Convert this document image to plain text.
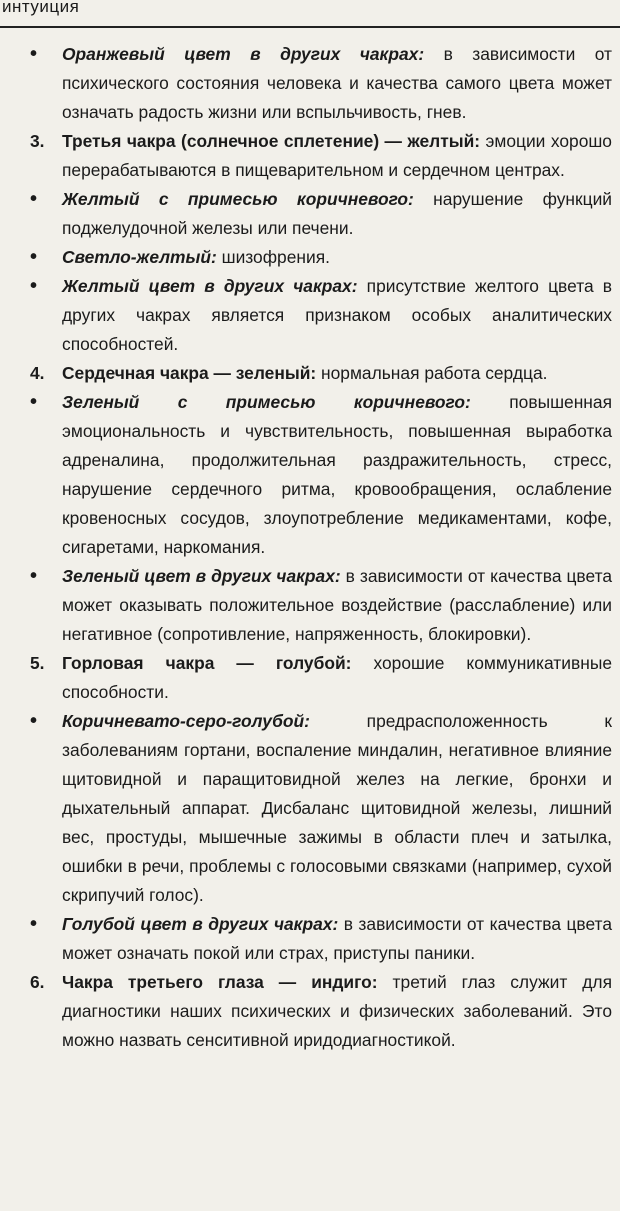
интуиция

• Оранжевый цвет в других чакрах: в зависимости от психического состояния человека и качества самого цвета может означать радость жизни или вспыльчивость, гнев.

3. Третья чакра (солнечное сплетение) — желтый: эмоции хорошо перерабатываются в пищеварительном и сердечном центрах.

• Желтый с примесью коричневого: нарушение функций поджелудочной железы или печени.

• Светло-желтый: шизофрения.

• Желтый цвет в других чакрах: присутствие желтого цвета в других чакрах является признаком особых аналитических способностей.

4. Сердечная чакра — зеленый: нормальная работа сердца.

• Зеленый с примесью коричневого: повышенная эмоциональность и чувствительность, повышенная выработка адреналина, продолжительная раздражительность, стресс, нарушение сердечного ритма, кровообращения, ослабление кровеносных сосудов, злоупотребление медикаментами, кофе, сигаретами, наркомания.

• Зеленый цвет в других чакрах: в зависимости от качества цвета может оказывать положительное воздействие (расслабление) или негативное (сопротивление, напряженность, блокировки).

5. Горловая чакра — голубой: хорошие коммуникативные способности.

• Коричневато-серо-голубой: предрасположенность к заболеваниям гортани, воспаление миндалин, негативное влияние щитовидной и паращитовидной желез на легкие, бронхи и дыхательный аппарат. Дисбаланс щитовидной железы, лишний вес, простуды, мышечные зажимы в области плеч и затылка, ошибки в речи, проблемы с голосовыми связками (например, сухой скрипучий голос).

• Голубой цвет в других чакрах: в зависимости от качества цвета может означать покой или страх, приступы паники.

6. Чакра третьего глаза — индиго: третий глаз служит для диагностики наших психических и физических заболеваний. Это можно назвать сенситивной иридодиагностикой.
